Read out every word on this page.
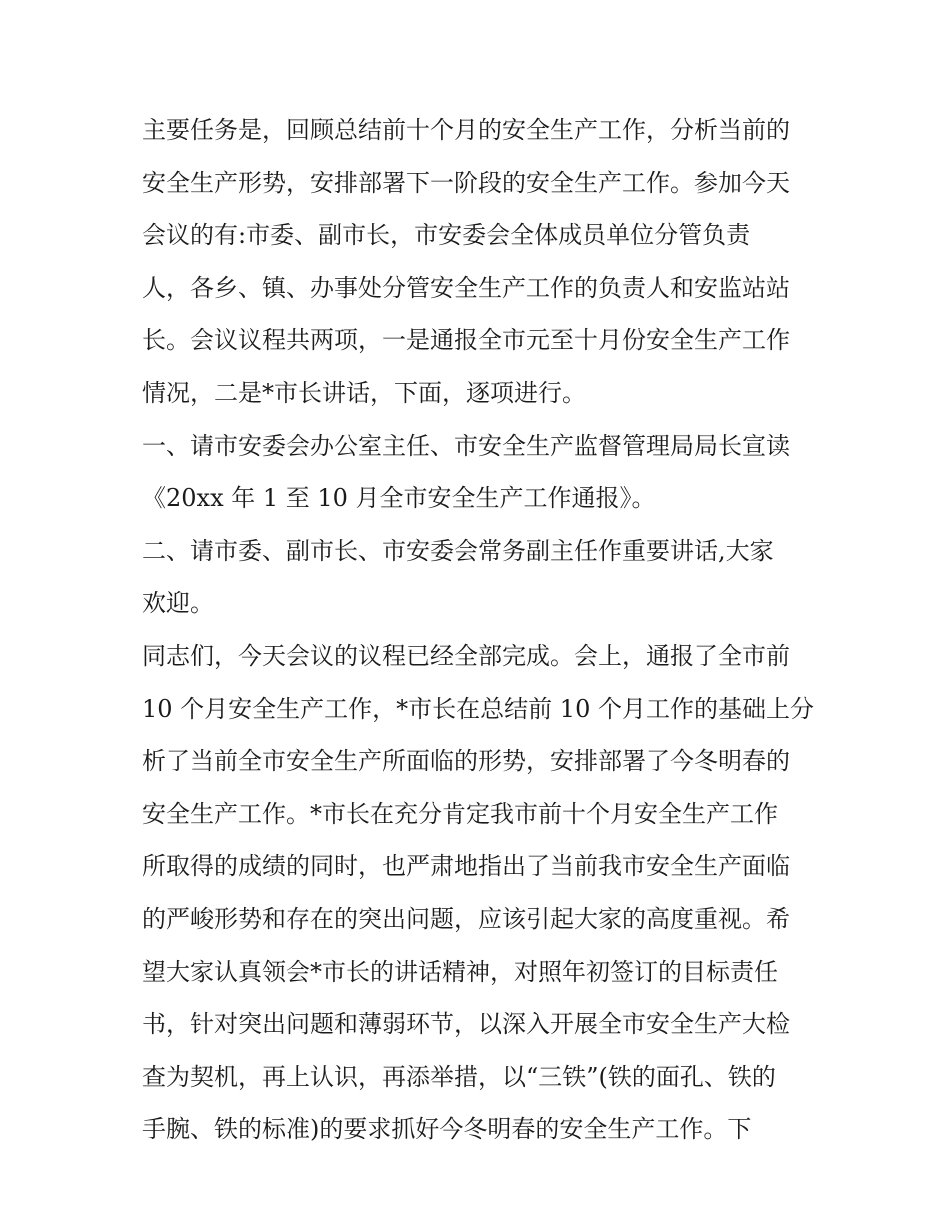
主要任务是，回顾总结前十个月的安全生产工作，分析当前的
安全生产形势，安排部署下一阶段的安全生产工作。参加今天
会议的有:市委、副市长，市安委会全体成员单位分管负责
人，各乡、镇、办事处分管安全生产工作的负责人和安监站站
长。会议议程共两项，一是通报全市元至十月份安全生产工作
情况，二是*市长讲话，下面，逐项进行。
一、请市安委会办公室主任、市安全生产监督管理局局长宣读
《20xx 年 1 至 10 月全市安全生产工作通报》。
二、请市委、副市长、市安委会常务副主任作重要讲话,大家
欢迎。
同志们，今天会议的议程已经全部完成。会上，通报了全市前
10 个月安全生产工作，*市长在总结前 10 个月工作的基础上分
析了当前全市安全生产所面临的形势，安排部署了今冬明春的
安全生产工作。*市长在充分肯定我市前十个月安全生产工作
所取得的成绩的同时，也严肃地指出了当前我市安全生产面临
的严峻形势和存在的突出问题，应该引起大家的高度重视。希
望大家认真领会*市长的讲话精神，对照年初签订的目标责任
书，针对突出问题和薄弱环节，以深入开展全市安全生产大检
查为契机，再上认识，再添举措，以“三铁”(铁的面孔、铁的
手腕、铁的标准)的要求抓好今冬明春的安全生产工作。下
